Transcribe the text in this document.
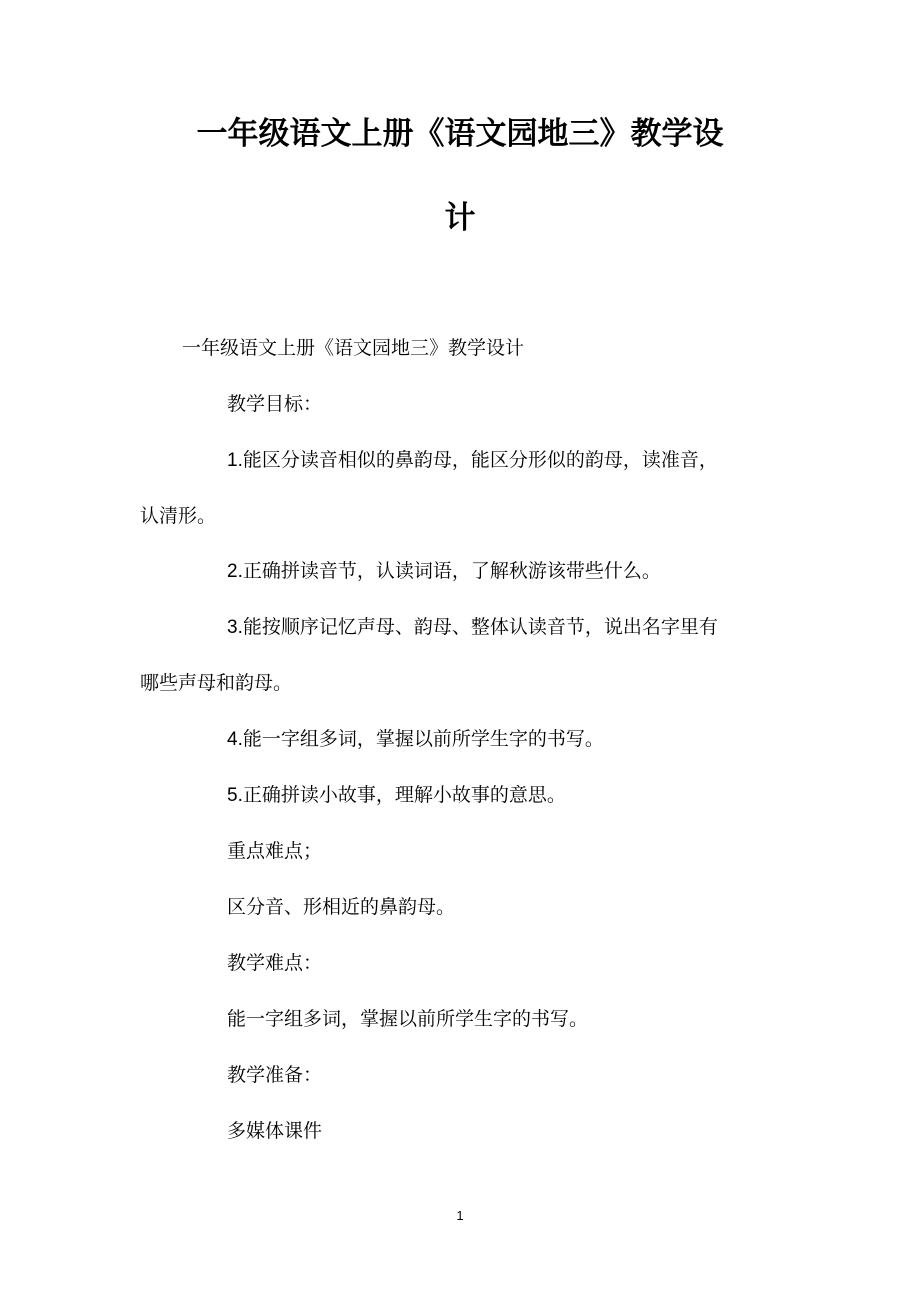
一年级语文上册《语文园地三》教学设
计
一年级语文上册《语文园地三》教学设计
教学目标：
1.能区分读音相似的鼻韵母，能区分形似的韵母，读准音，
认清形。
2.正确拼读音节，认读词语，了解秋游该带些什么。
3.能按顺序记忆声母、韵母、整体认读音节，说出名字里有
哪些声母和韵母。
4.能一字组多词，掌握以前所学生字的书写。
5.正确拼读小故事，理解小故事的意思。
重点难点；
区分音、形相近的鼻韵母。
教学难点：
能一字组多词，掌握以前所学生字的书写。
教学准备：
多媒体课件
1
